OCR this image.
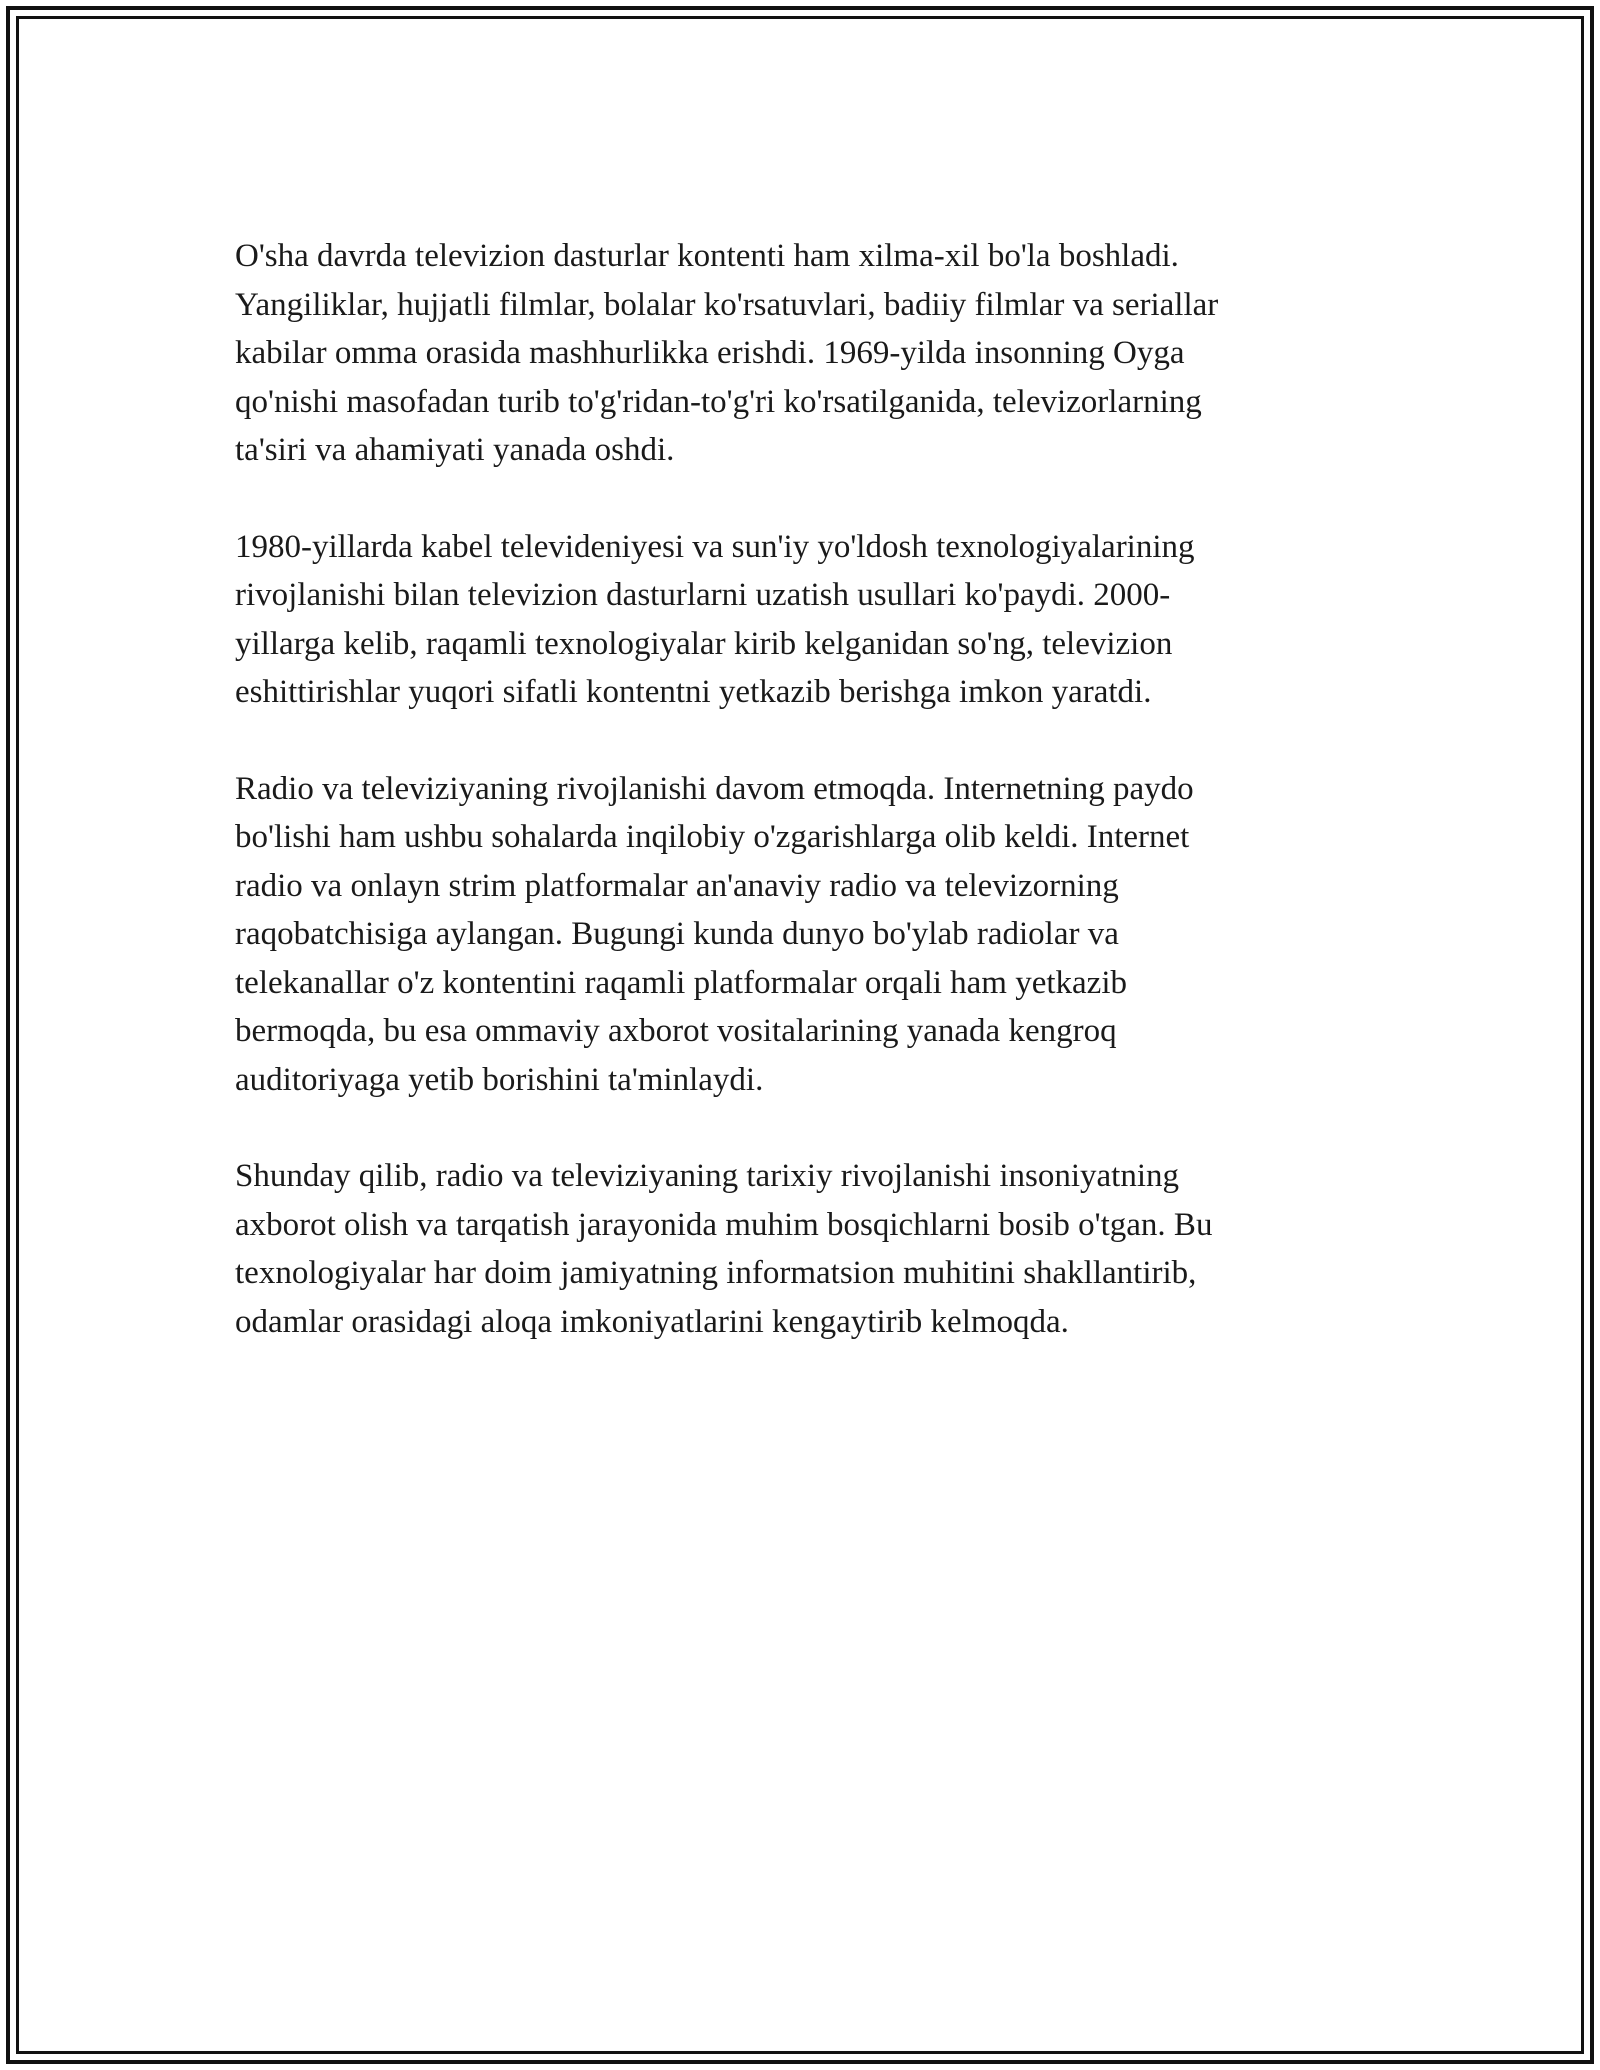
O'sha davrda televizion dasturlar kontenti ham xilma-xil bo'la boshladi.
Yangiliklar, hujjatli filmlar, bolalar ko'rsatuvlari, badiiy filmlar va seriallar
kabilar omma orasida mashhurlikka erishdi. 1969-yilda insonning Oyga
qo'nishi masofadan turib to'g'ridan-to'g'ri ko'rsatilganida, televizorlarning
ta'siri va ahamiyati yanada oshdi.

1980-yillarda kabel televideniyesi va sun'iy yo'ldosh texnologiyalarining
rivojlanishi bilan televizion dasturlarni uzatish usullari ko'paydi. 2000-
yillarga kelib, raqamli texnologiyalar kirib kelganidan so'ng, televizion
eshittirishlar yuqori sifatli kontentni yetkazib berishga imkon yaratdi.

Radio va televiziyaning rivojlanishi davom etmoqda. Internetning paydo
bo'lishi ham ushbu sohalarda inqilobiy o'zgarishlarga olib keldi. Internet
radio va onlayn strim platformalar an'anaviy radio va televizorning
raqobatchisiga aylangan. Bugungi kunda dunyo bo'ylab radiolar va
telekanallar o'z kontentini raqamli platformalar orqali ham yetkazib
bermoqda, bu esa ommaviy axborot vositalarining yanada kengroq
auditoriyaga yetib borishini ta'minlaydi.

Shunday qilib, radio va televiziyaning tarixiy rivojlanishi insoniyatning
axborot olish va tarqatish jarayonida muhim bosqichlarni bosib o'tgan. Bu
texnologiyalar har doim jamiyatning informatsion muhitini shakllantirib,
odamlar orasidagi aloqa imkoniyatlarini kengaytirib kelmoqda.
